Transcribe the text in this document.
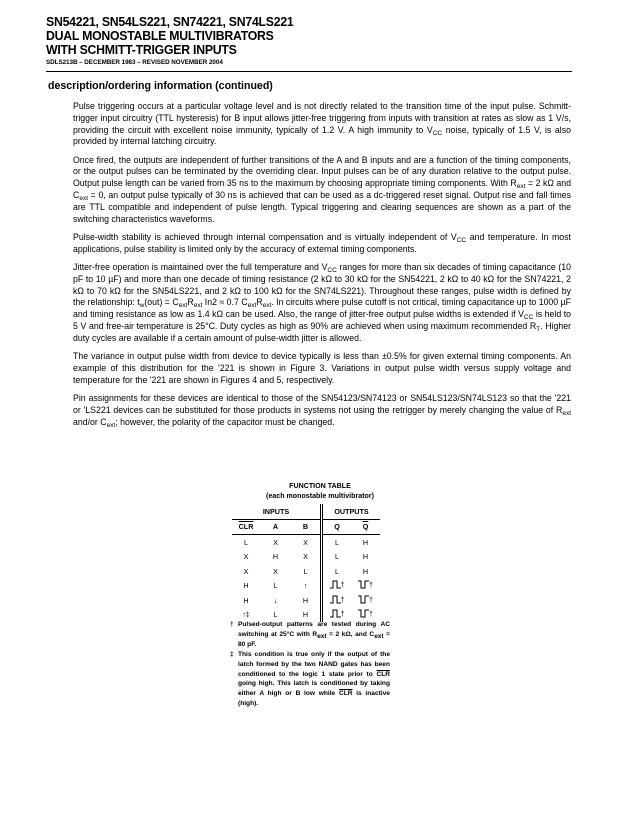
SN54221, SN54LS221, SN74221, SN74LS221
DUAL MONOSTABLE MULTIVIBRATORS
WITH SCHMITT-TRIGGER INPUTS
SDLS213B – DECEMBER 1983 – REVISED NOVEMBER 2004
description/ordering information (continued)

Pulse triggering occurs at a particular voltage level and is not directly related to the transition time of the input pulse. Schmitt-trigger input circuitry (TTL hysteresis) for B input allows jitter-free triggering from inputs with transition at rates as slow as 1 V/s, providing the circuit with excellent noise immunity, typically of 1.2 V. A high immunity to $V_{CC}$ noise, typically of 1.5 V, is also provided by internal latching circuitry.

Once fired, the outputs are independent of further transitions of the A and B inputs and are a function of the timing components, or the output pulses can be terminated by the overriding clear. Input pulses can be of any duration relative to the output pulse. Output pulse length can be varied from 35 ns to the maximum by choosing appropriate timing components. With $R_{ext} = 2$ kΩ and $C_{ext} = 0$, an output pulse typically of 30 ns is achieved that can be used as a dc-triggered reset signal. Output rise and fall times are TTL compatible and independent of pulse length. Typical triggering and clearing sequences are shown as a part of the switching characteristics waveforms.

Pulse-width stability is achieved through internal compensation and is virtually independent of $V_{CC}$ and temperature. In most applications, pulse stability is limited only by the accuracy of external timing components.

Jitter-free operation is maintained over the full temperature and $V_{CC}$ ranges for more than six decades of timing capacitance (10 pF to 10 µF) and more than one decade of timing resistance (2 kΩ to 30 kΩ for the SN54221, 2 kΩ to 40 kΩ for the SN74221, 2 kΩ to 70 kΩ for the SN54LS221, and 2 kΩ to 100 kΩ for the SN74LS221). Throughout these ranges, pulse width is defined by the relationship: $t_w(out) = C_{ext}R_{ext}$ In2 ≈ 0.7 $C_{ext}R_{ext}$. In circuits where pulse cutoff is not critical, timing capacitance up to 1000 µF and timing resistance as low as 1.4 kΩ can be used. Also, the range of jitter-free output pulse widths is extended if $V_{CC}$ is held to 5 V and free-air temperature is 25°C. Duty cycles as high as 90% are achieved when using maximum recommended $R_T$. Higher duty cycles are available if a certain amount of pulse-width jitter is allowed.

The variance in output pulse width from device to device typically is less than ±0.5% for given external timing components. An example of this distribution for the '221 is shown in Figure 3. Variations in output pulse width versus supply voltage and temperature for the '221 are shown in Figures 4 and 5, respectively.

Pin assignments for these devices are identical to those of the SN54123/SN74123 or SN54LS123/SN74LS123 so that the '221 or 'LS221 devices can be substituted for those products in systems not using the retrigger by merely changing the value of $R_{ext}$ and/or $C_{ext}$; however, the polarity of the capacitor must be changed.

FUNCTION TABLE
(each monostable multivibrator)
INPUTS			OUTPUTS	
$\overline{CLR}$	A	B	Q	$\overline{Q}$
L	X	X	L	H
X	H	X	L	H
X	X	L	L	H
H	L	↑	†	†

H	↓	H	†	†

↑‡	L	H	†	†
† Pulsed-output patterns are tested during AC switching at 25°C with $R_{ext} = 2$ kΩ, and $C_{ext} = 80$ pF.
‡ This condition is true only if the output of the latch formed by the two NAND gates has been conditioned to the logic 1 state prior to $\overline{CLR}$ going high. This latch is conditioned by taking either A high or B low while $\overline{CLR}$ is inactive (high).
